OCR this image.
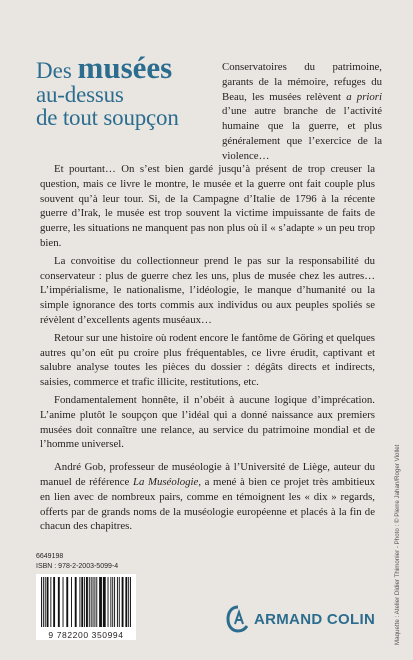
Des musées
au-dessus
de tout soupçon
Conservatoires du patrimoine, garants de la mémoire, refuges du Beau, les musées relèvent a priori d’une autre branche de l’activité humaine que la guerre, et plus généralement que l’exercice de la violence…

Et pourtant… On s’est bien gardé jusqu’à présent de trop creuser la question, mais ce livre le montre, le musée et la guerre ont fait couple plus souvent qu’à leur tour. Si, de la Campagne d’Italie de 1796 à la récente guerre d’Irak, le musée est trop souvent la victime impuissante de faits de guerre, les situations ne manquent pas non plus où il « s’adapte » un peu trop bien.

La convoitise du collectionneur prend le pas sur la responsabilité du conservateur : plus de guerre chez les uns, plus de musée chez les autres… L’impérialisme, le nationalisme, l’idéologie, le manque d’humanité ou la simple ignorance des torts commis aux individus ou aux peuples spoliés se révèlent d’excellents agents muséaux…

Retour sur une histoire où rodent encore le fantôme de Göring et quelques autres qu’on eût pu croire plus fréquentables, ce livre érudit, captivant et salubre analyse toutes les pièces du dossier : dégâts directs et indirects, saisies, commerce et trafic illicite, restitutions, etc.

Fondamentalement honnête, il n’obéit à aucune logique d’imprécation. L’anime plutôt le soupçon que l’idéal qui a donné naissance aux premiers musées doit connaître une relance, au service du patrimoine mondial et de l’homme universel.

André Gob, professeur de muséologie à l’Université de Liège, auteur du manuel de référence La Muséologie, a mené à bien ce projet très ambitieux en lien avec de nombreux pairs, comme en témoignent les « dix » regards, offerts par de grands noms de la muséologie européenne et placés à la fin de chacun des chapitres.	Maquette : Atelier Didier Thimonier - Photo : © Pierre Jahan/Roger Viollet
6649198
ISBN : 978-2-2003-5099-4
9 782200 350994
ARMAND COLIN
